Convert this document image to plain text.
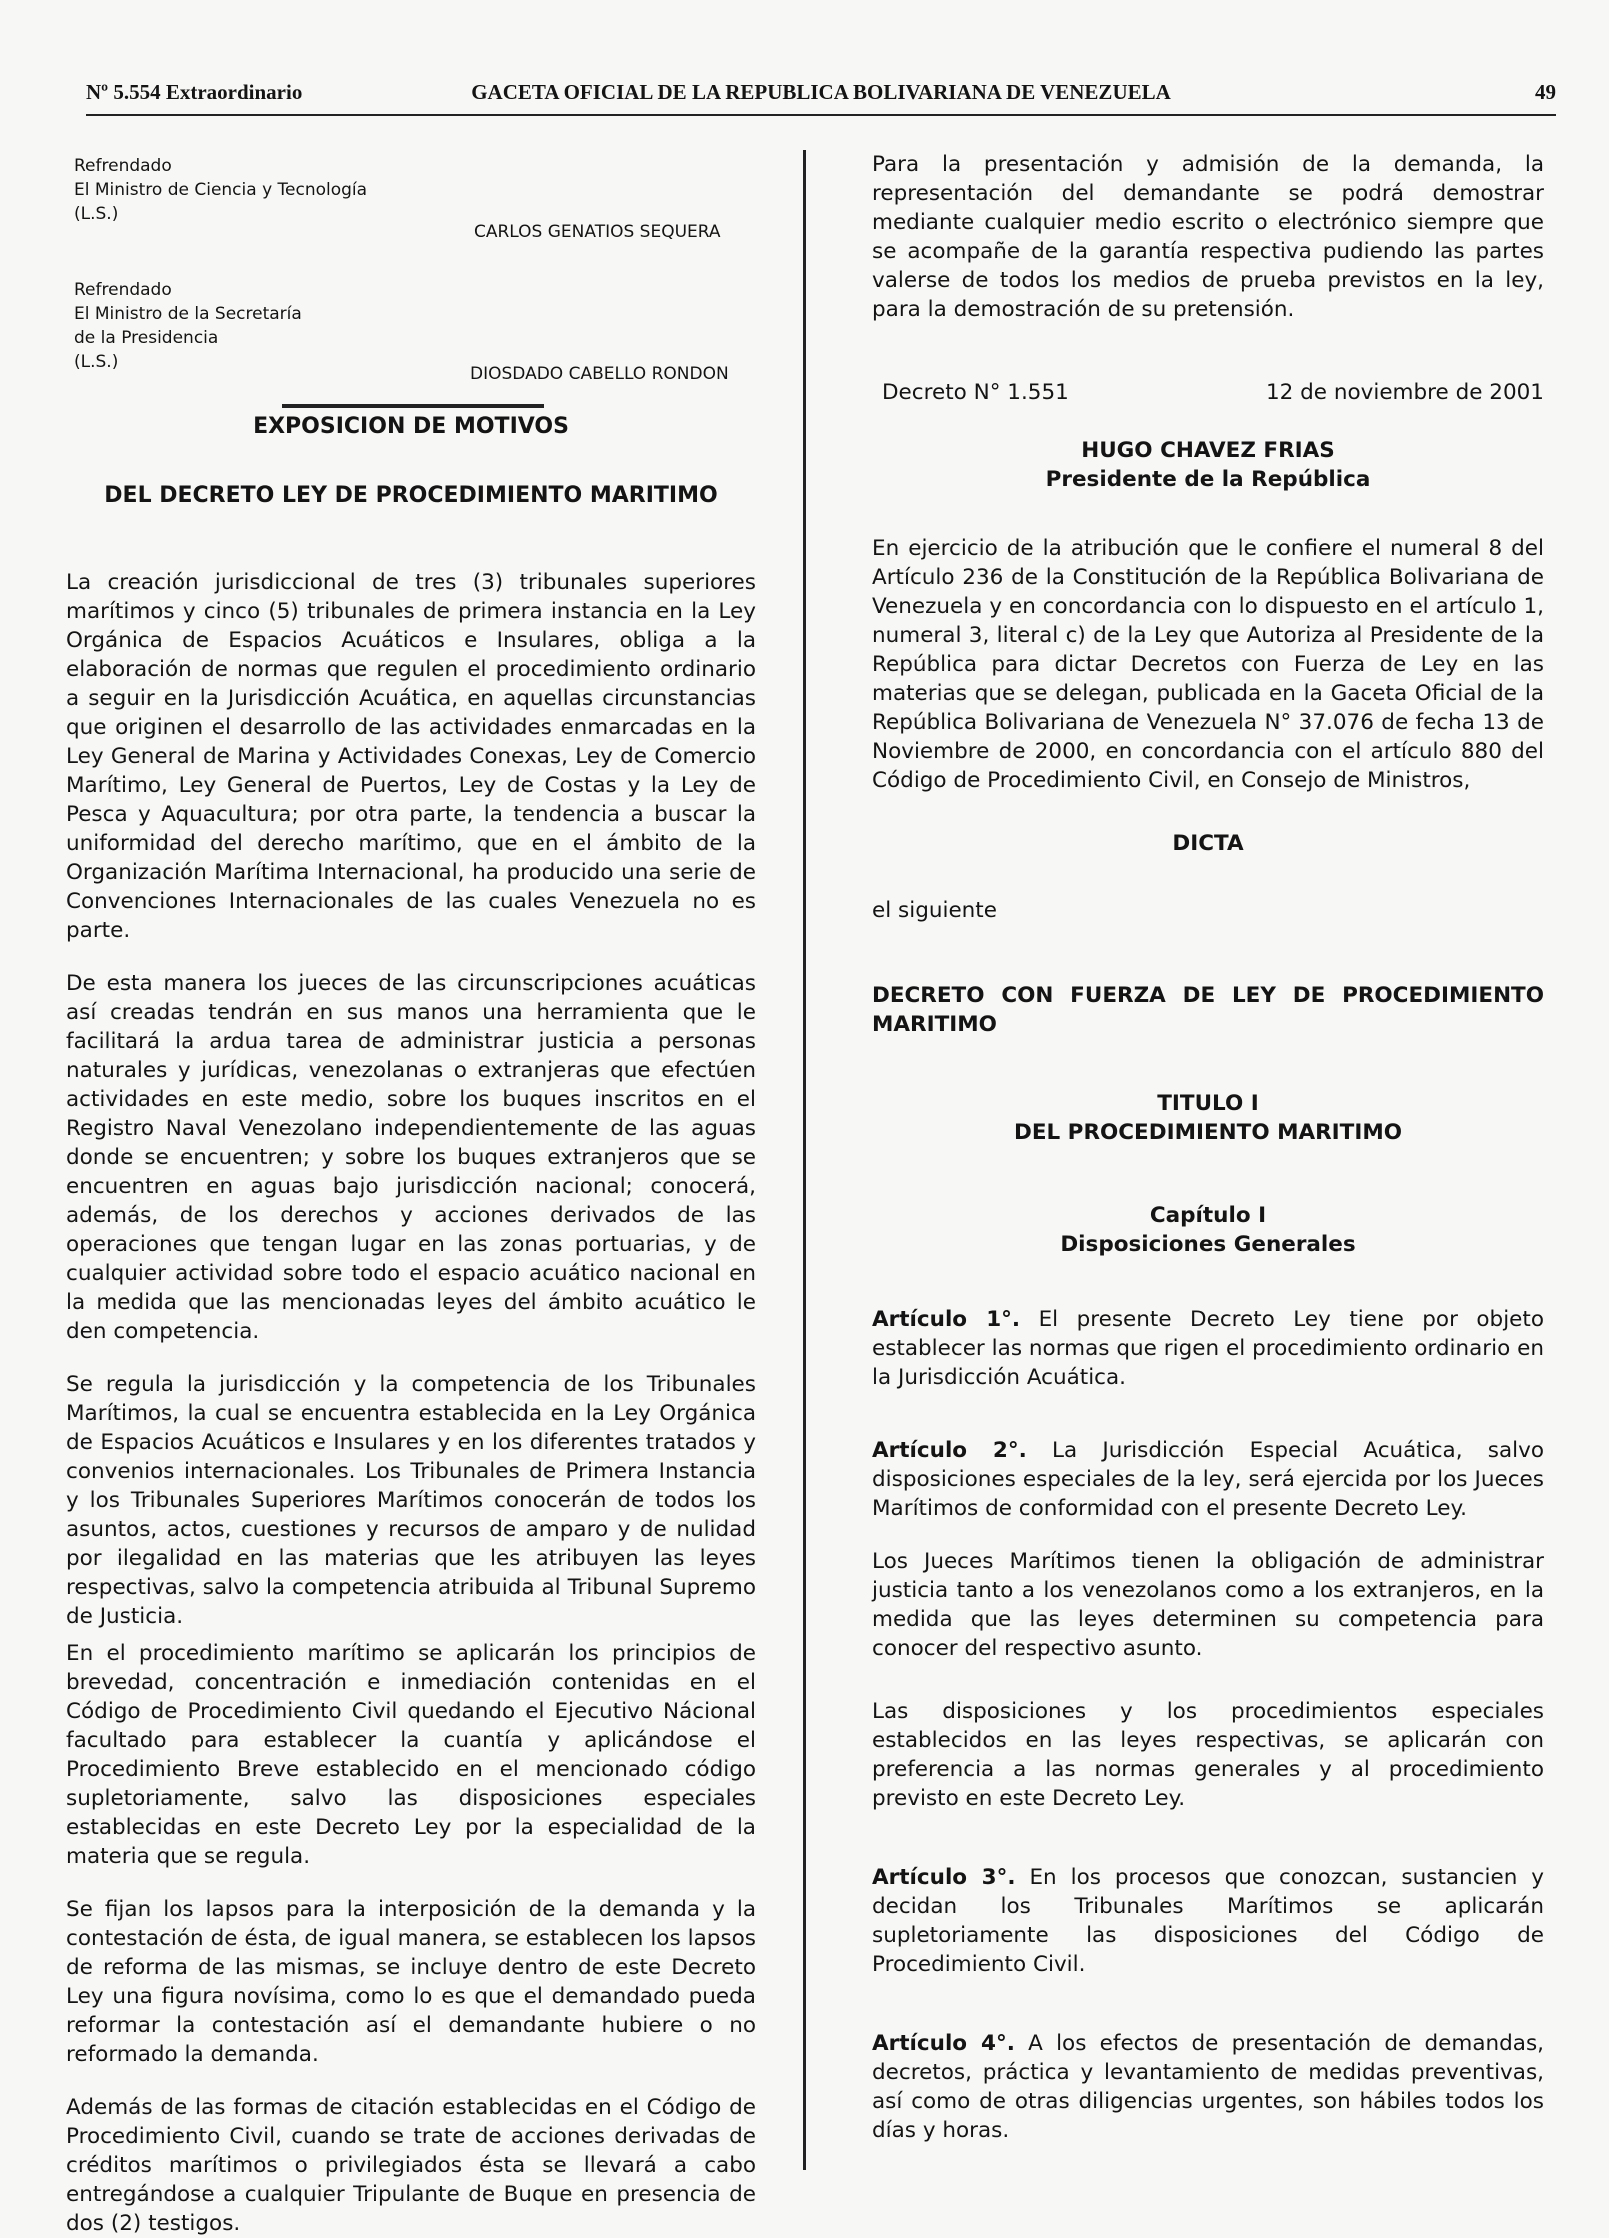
Nº 5.554 Extraordinario	GACETA OFICIAL DE LA REPUBLICA BOLIVARIANA DE VENEZUELA	49
Refrendado
El Ministro de Ciencia y Tecnología
(L.S.)
CARLOS GENATIOS SEQUERA
Refrendado
El Ministro de la Secretaría
de la Presidencia
(L.S.)
DIOSDADO CABELLO RONDON
EXPOSICION DE MOTIVOS
DEL DECRETO LEY DE PROCEDIMIENTO MARITIMO

La creación jurisdiccional de tres (3) tribunales superiores marítimos y cinco (5) tribunales de primera instancia en la Ley Orgánica de Espacios Acuáticos e Insulares, obliga a la elaboración de normas que regulen el procedimiento ordinario a seguir en la Jurisdicción Acuática, en aquellas circunstancias que originen el desarrollo de las actividades enmarcadas en la Ley General de Marina y Actividades Conexas, Ley de Comercio Marítimo, Ley General de Puertos, Ley de Costas y la Ley de Pesca y Aquacultura; por otra parte, la tendencia a buscar la uniformidad del derecho marítimo, que en el ámbito de la Organización Marítima Internacional, ha producido una serie de Convenciones Internacionales de las cuales Venezuela no es parte.

De esta manera los jueces de las circunscripciones acuáticas así creadas tendrán en sus manos una herramienta que le facilitará la ardua tarea de administrar justicia a personas naturales y jurídicas, venezolanas o extranjeras que efectúen actividades en este medio, sobre los buques inscritos en el Registro Naval Venezolano independientemente de las aguas donde se encuentren; y sobre los buques extranjeros que se encuentren en aguas bajo jurisdicción nacional; conocerá, además, de los derechos y acciones derivados de las operaciones que tengan lugar en las zonas portuarias, y de cualquier actividad sobre todo el espacio acuático nacional en la medida que las mencionadas leyes del ámbito acuático le den competencia.

Se regula la jurisdicción y la competencia de los Tribunales Marítimos, la cual se encuentra establecida en la Ley Orgánica de Espacios Acuáticos e Insulares y en los diferentes tratados y convenios internacionales. Los Tribunales de Primera Instancia y los Tribunales Superiores Marítimos conocerán de todos los asuntos, actos, cuestiones y recursos de amparo y de nulidad por ilegalidad en las materias que les atribuyen las leyes respectivas, salvo la competencia atribuida al Tribunal Supremo de Justicia.

En el procedimiento marítimo se aplicarán los principios de brevedad, concentración e inmediación contenidas en el Código de Procedimiento Civil quedando el Ejecutivo Nácional facultado para establecer la cuantía y aplicándose el Procedimiento Breve establecido en el mencionado código supletoriamente, salvo las disposiciones especiales establecidas en este Decreto Ley por la especialidad de la materia que se regula.

Se fijan los lapsos para la interposición de la demanda y la contestación de ésta, de igual manera, se establecen los lapsos de reforma de las mismas, se incluye dentro de este Decreto Ley una figura novísima, como lo es que el demandado pueda reformar la contestación así el demandante hubiere o no reformado la demanda.

Además de las formas de citación establecidas en el Código de Procedimiento Civil, cuando se trate de acciones derivadas de créditos marítimos o privilegiados ésta se llevará a cabo entregándose a cualquier Tripulante de Buque en presencia de dos (2) testigos.

Para la presentación y admisión de la demanda, la representación del demandante se podrá demostrar mediante cualquier medio escrito o electrónico siempre que se acompañe de la garantía respectiva pudiendo las partes valerse de todos los medios de prueba previstos en la ley, para la demostración de su pretensión.

Decreto N° 1.551	12 de noviembre de 2001
HUGO CHAVEZ FRIAS
Presidente de la República

En ejercicio de la atribución que le confiere el numeral 8 del Artículo 236 de la Constitución de la República Bolivariana de Venezuela y en concordancia con lo dispuesto en el artículo 1, numeral 3, literal c) de la Ley que Autoriza al Presidente de la República para dictar Decretos con Fuerza de Ley en las materias que se delegan, publicada en la Gaceta Oficial de la República Bolivariana de Venezuela N° 37.076 de fecha 13 de Noviembre de 2000, en concordancia con el artículo 880 del Código de Procedimiento Civil, en Consejo de Ministros,

DICTA
el siguiente
DECRETO CON FUERZA DE LEY DE PROCEDIMIENTO MARITIMO
TITULO I
DEL PROCEDIMIENTO MARITIMO
Capítulo I
Disposiciones Generales

Artículo 1°. El presente Decreto Ley tiene por objeto establecer las normas que rigen el procedimiento ordinario en la Jurisdicción Acuática.

Artículo 2°. La Jurisdicción Especial Acuática, salvo disposiciones especiales de la ley, será ejercida por los Jueces Marítimos de conformidad con el presente Decreto Ley.

Los Jueces Marítimos tienen la obligación de administrar justicia tanto a los venezolanos como a los extranjeros, en la medida que las leyes determinen su competencia para conocer del respectivo asunto.

Las disposiciones y los procedimientos especiales establecidos en las leyes respectivas, se aplicarán con preferencia a las normas generales y al procedimiento previsto en este Decreto Ley.

Artículo 3°. En los procesos que conozcan, sustancien y decidan los Tribunales Marítimos se aplicarán supletoriamente las disposiciones del Código de Procedimiento Civil.

Artículo 4°. A los efectos de presentación de demandas, decretos, práctica y levantamiento de medidas preventivas, así como de otras diligencias urgentes, son hábiles todos los días y horas.
